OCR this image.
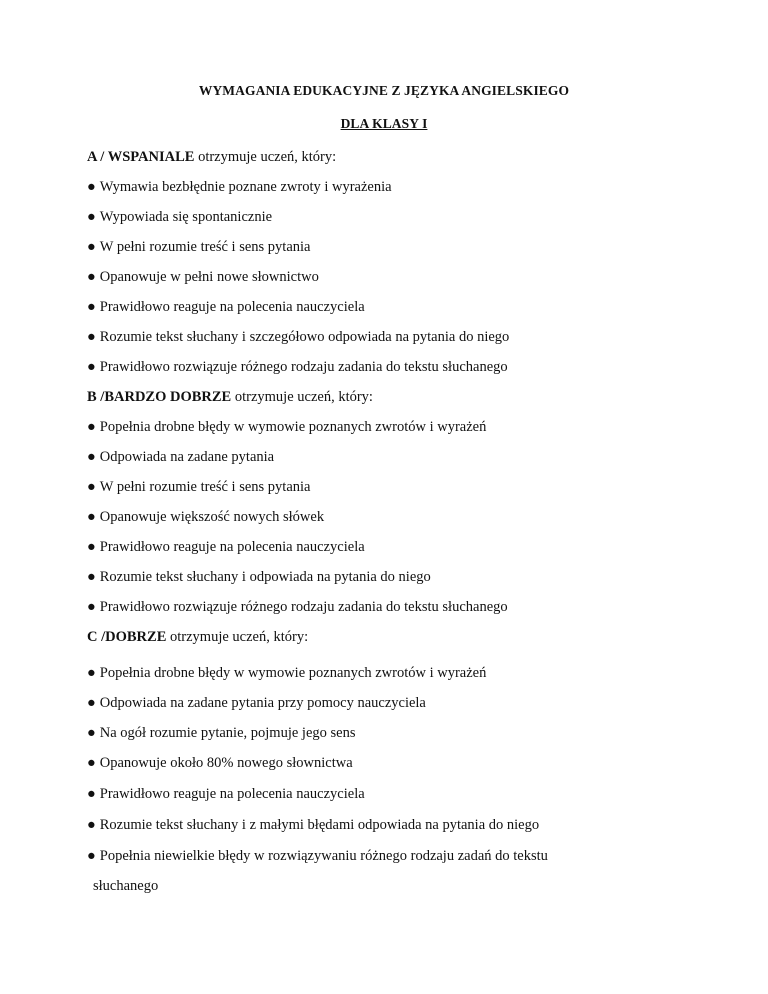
WYMAGANIA EDUKACYJNE Z JĘZYKA ANGIELSKIEGO
DLA KLASY I
A / WSPANIALE otrzymuje uczeń, który:
● Wymawia bezbłędnie poznane zwroty i wyrażenia
● Wypowiada się spontanicznie
● W pełni rozumie treść i sens pytania
● Opanowuje w pełni nowe słownictwo
● Prawidłowo reaguje na polecenia nauczyciela
● Rozumie tekst słuchany i szczegółowo odpowiada na pytania do niego
● Prawidłowo rozwiązuje różnego rodzaju zadania do tekstu słuchanego
B /BARDZO DOBRZE otrzymuje uczeń, który:
● Popełnia drobne błędy w wymowie poznanych zwrotów i wyrażeń
● Odpowiada na zadane pytania
● W pełni rozumie treść i sens pytania
● Opanowuje większość nowych słówek
● Prawidłowo reaguje na polecenia nauczyciela
● Rozumie tekst słuchany i odpowiada na pytania do niego
● Prawidłowo rozwiązuje różnego rodzaju zadania do tekstu słuchanego
C /DOBRZE otrzymuje uczeń, który:
● Popełnia drobne błędy w wymowie poznanych zwrotów i wyrażeń
● Odpowiada na zadane pytania przy pomocy nauczyciela
● Na ogół rozumie pytanie, pojmuje jego sens
● Opanowuje około 80% nowego słownictwa
● Prawidłowo reaguje na polecenia nauczyciela
● Rozumie tekst słuchany i z małymi błędami odpowiada na pytania do niego
● Popełnia niewielkie błędy w rozwiązywaniu różnego rodzaju zadań do tekstu
słuchanego
